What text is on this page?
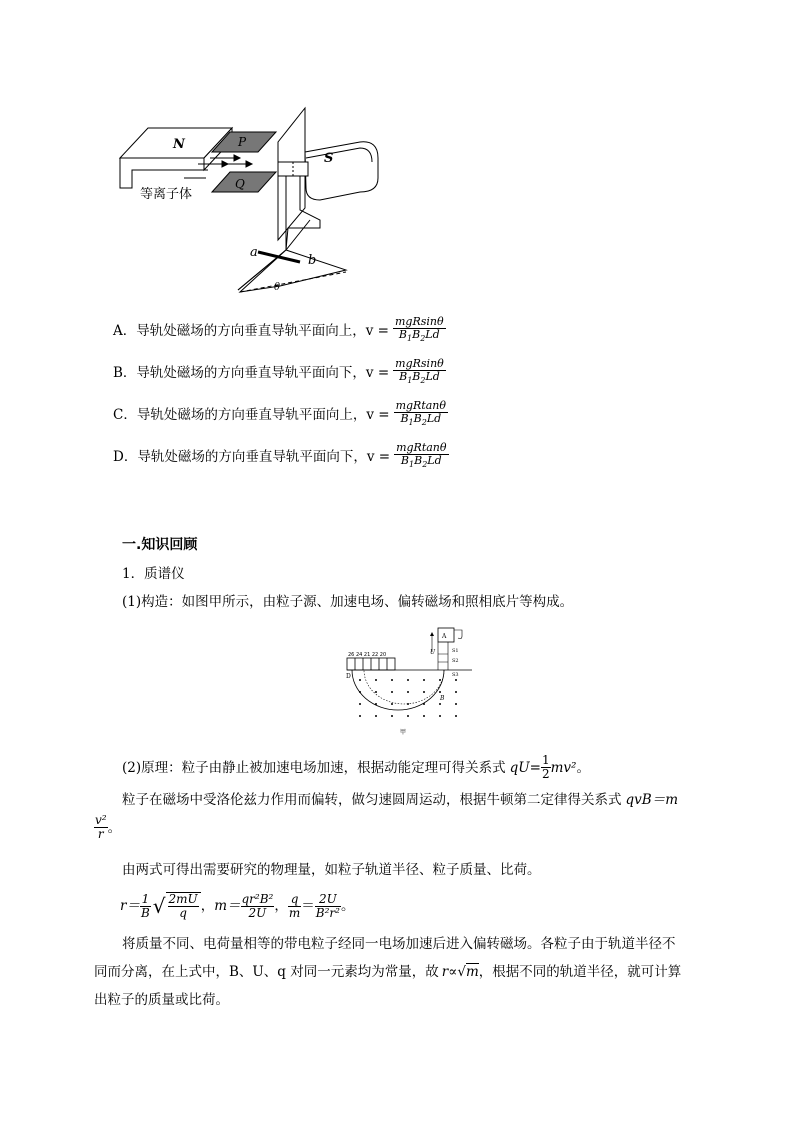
N	P
Q
等离子体
S
a
b
θ
A． 导轨处磁场的方向垂直导轨平面向上，$v = \frac{\text{mgRsinθ}}{B_1B_2Ld}$
B． 导轨处磁场的方向垂直导轨平面向下，$v = \frac{\text{mgRsinθ}}{B_1B_2Ld}$
C． 导轨处磁场的方向垂直导轨平面向上，$v = \frac{\text{mgRtanθ}}{B_1B_2Ld}$
D． 导轨处磁场的方向垂直导轨平面向下，$v = \frac{\text{mgRtanθ}}{B_1B_2Ld}$
一.知识回顾
1．质谱仪
(1)构造：如图甲所示，由粒子源、加速电场、偏转磁场和照相底片等构成。
26 24 21 22 20
A
U	S1
S2
S3
D
B
甲
(2)原理：粒子由静止被加速电场加速，根据动能定理可得关系式 qU = $\frac{1}{2} mv^2$ 。
粒子在磁场中受洛伦兹力作用而偏转，做匀速圆周运动，根据牛顿第二定律得关系式 qvB＝m
$\frac{\text{v²}}{r}$ 。
由两式可得出需要研究的物理量，如粒子轨道半径、粒子质量、比荷。
$r= \frac{1}{B}$ √ $\frac{2mU}{q}$ ， $m= \frac{\text{qr²B²}}{2U}$ ， $\frac{q}{m} = \frac{2U}{\text{B²r²}}$ 。
将质量不同、电荷量相等的带电粒子经同一电场加速后进入偏转磁场。各粒子由于轨道半径不
同而分离，在上式中，B、U、q 对同一元素均为常量，故 r∝√m，根据不同的轨道半径，就可计算
出粒子的质量或比荷。
